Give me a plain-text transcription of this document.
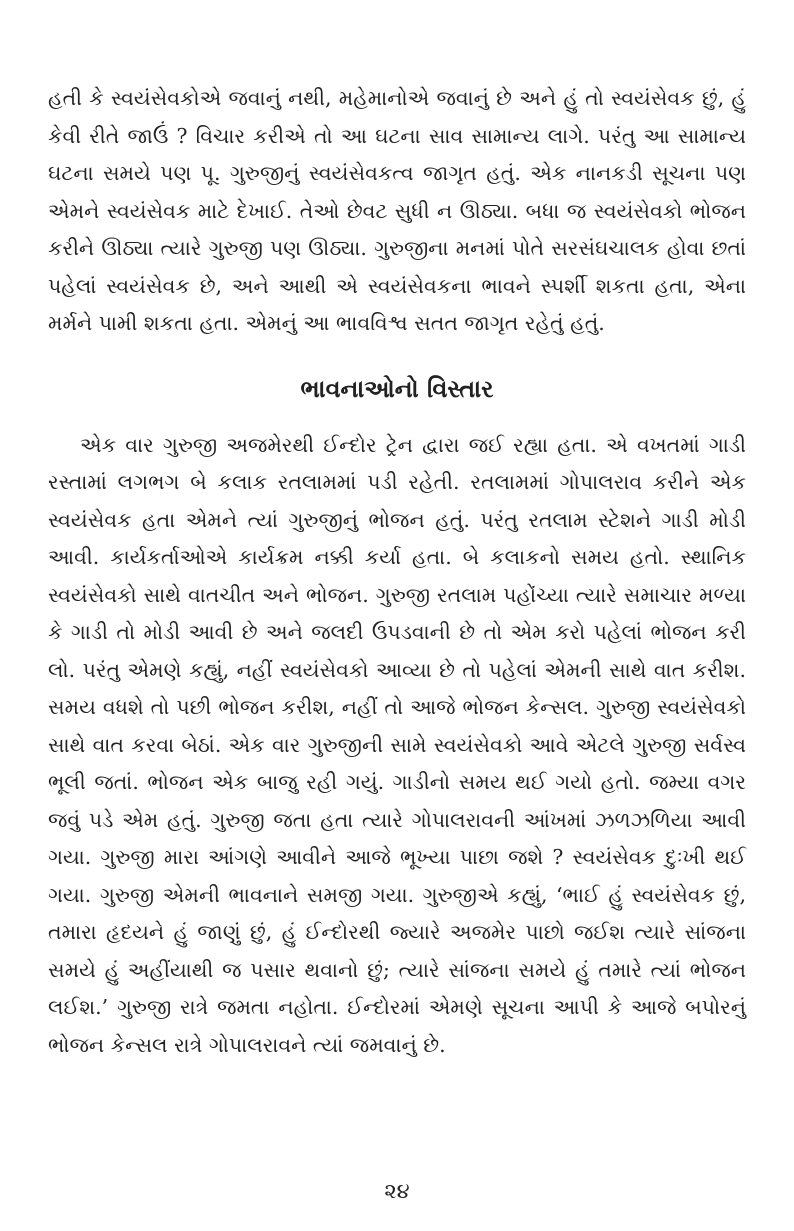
હતી કે સ્વયંસેવકોએ જવાનું નથી, મહેમાનોએ જવાનું છે અને હું તો સ્વયંસેવક છું, હું કેવી રીતે જાઉં ? વિચાર કરીએ તો આ ઘટના સાવ સામાન્ય લાગે. પરંતુ આ સામાન્ય ઘટના સમયે પણ પૂ. ગુરુજીનું સ્વયંસેવકત્વ જાગૃત હતું. એક નાનકડી સૂચના પણ એમને સ્વયંસેવક માટે દેખાઈ. તેઓ છેવટ સુધી ન ઊઠ્યા. બધા જ સ્વયંસેવકો ભોજન કરીને ઊઠ્યા ત્યારે ગુરુજી પણ ઊઠ્યા. ગુરુજીના મનમાં પોતે સરસંઘચાલક હોવા છતાં પહેલાં સ્વયંસેવક છે, અને આથી એ સ્વયંસેવકના ભાવને સ્પર્શી શકતા હતા, એના મર્મને પામી શકતા હતા. એમનું આ ભાવવિશ્વ સતત જાગૃત રહેતું હતું.

ભાવનાઓનો વિસ્તાર

એક વાર ગુરુજી અજમેરથી ઈન્દોર ટ્રેન દ્વારા જઈ રહ્યા હતા. એ વખતમાં ગાડી રસ્તામાં લગભગ બે કલાક રતલામમાં પડી રહેતી. રતલામમાં ગોપાલરાવ કરીને એક સ્વયંસેવક હતા એમને ત્યાં ગુરુજીનું ભોજન હતું. પરંતુ રતલામ સ્ટેશને ગાડી મોડી આવી. કાર્યકર્તાઓએ કાર્યક્રમ નક્કી કર્યા હતા. બે કલાકનો સમય હતો. સ્થાનિક સ્વયંસેવકો સાથે વાતચીત અને ભોજન. ગુરુજી રતલામ પહોંચ્યા ત્યારે સમાચાર મળ્યા કે ગાડી તો મોડી આવી છે અને જલદી ઉપડવાની છે તો એમ કરો પહેલાં ભોજન કરી લો. પરંતુ એમણે કહ્યું, નહીં સ્વયંસેવકો આવ્યા છે તો પહેલાં એમની સાથે વાત કરીશ. સમય વધશે તો પછી ભોજન કરીશ, નહીં તો આજે ભોજન કેન્સલ. ગુરુજી સ્વયંસેવકો સાથે વાત કરવા બેઠાં. એક વાર ગુરુજીની સામે સ્વયંસેવકો આવે એટલે ગુરુજી સર્વસ્વ ભૂલી જતાં. ભોજન એક બાજુ રહી ગયું. ગાડીનો સમય થઈ ગયો હતો. જમ્યા વગર જવું પડે એમ હતું. ગુરુજી જતા હતા ત્યારે ગોપાલરાવની આંખમાં ઝળઝળિયા આવી ગયા. ગુરુજી મારા આંગણે આવીને આજે ભૂખ્યા પાછા જશે ? સ્વયંસેવક દુઃખી થઈ ગયા. ગુરુજી એમની ભાવનાને સમજી ગયા. ગુરુજીએ કહ્યું, ‘ભાઈ હું સ્વયંસેવક છું, તમારા હૃદયને હું જાણું છું, હું ઈન્દોરથી જ્યારે અજમેર પાછો જઈશ ત્યારે સાંજના સમયે હું અહીંયાથી જ પસાર થવાનો છું; ત્યારે સાંજના સમયે હું તમારે ત્યાં ભોજન લઈશ.’ ગુરુજી રાત્રે જમતા નહોતા. ઈન્દોરમાં એમણે સૂચના આપી કે આજે બપોરનું ભોજન કેન્સલ રાત્રે ગોપાલરાવને ત્યાં જમવાનું છે.

૨૪
